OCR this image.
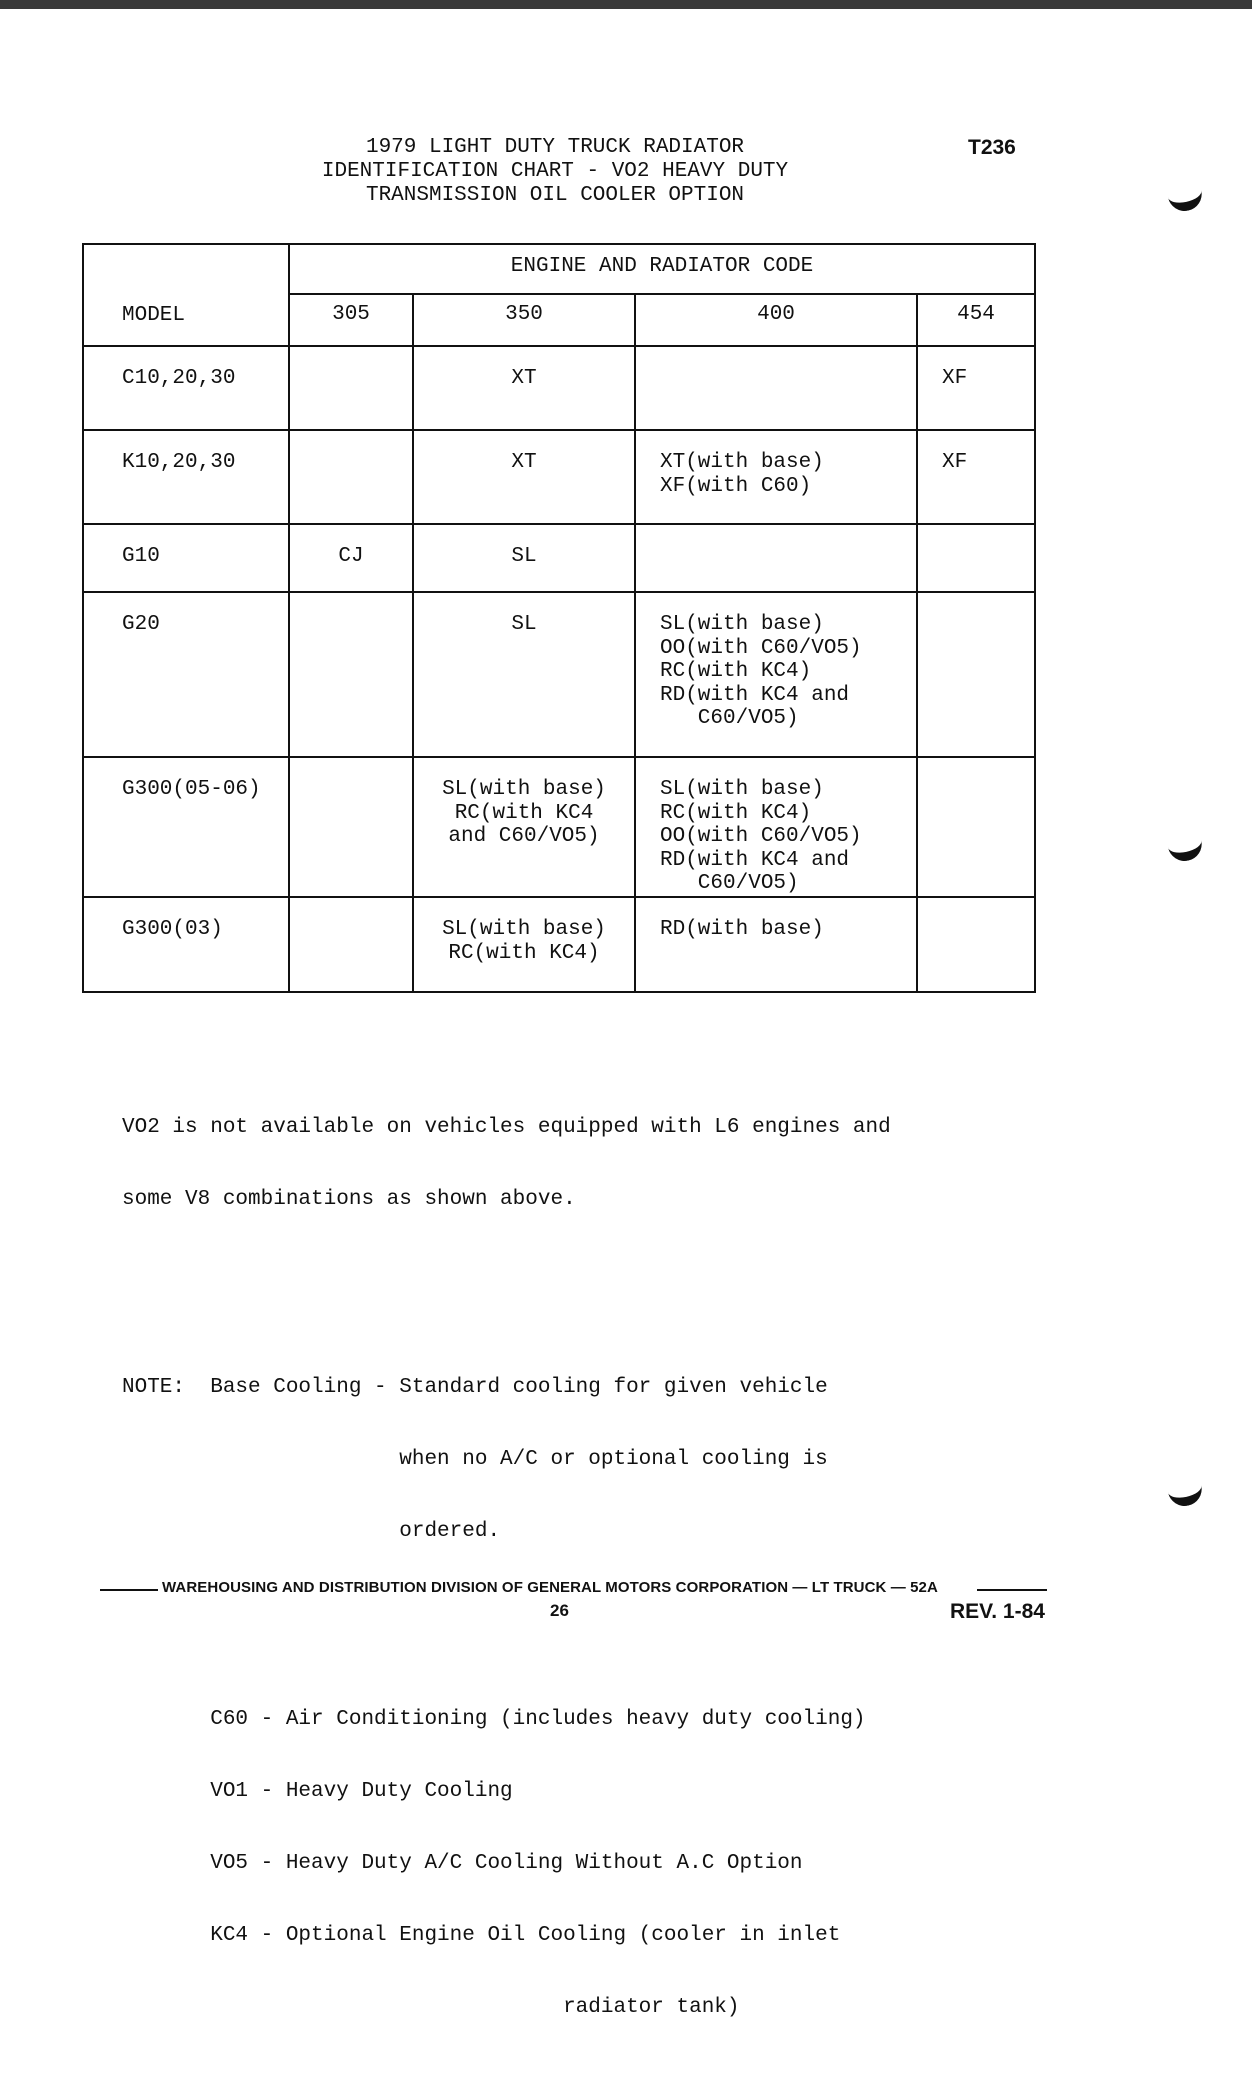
1979 LIGHT DUTY TRUCK RADIATOR
IDENTIFICATION CHART - VO2 HEAVY DUTY
TRANSMISSION OIL COOLER OPTION
T236
MODEL	ENGINE AND RADIATOR CODE			
	305	350	400	454
C10,20,30		XT		XF

K10,20,30		XT	XT(with base)
XF(with C60)	XF

G10	CJ	SL		

G20		SL	SL(with base)
OO(with C60/VO5)
RC(with KC4)
RD(with KC4 and
C60/VO5)	

G300(05-06)		SL(with base)
RC(with KC4
and C60/VO5)	SL(with base)
RC(with KC4)
OO(with C60/VO5)
RD(with KC4 and
C60/VO5)	

G300(03)		SL(with base)
RC(with KC4)	RD(with base)	

VO2 is not available on vehicles equipped with L6 engines and

some V8 combinations as shown above.

NOTE:  Base Cooling - Standard cooling for given vehicle

when no A/C or optional cooling is

ordered.

C60 - Air Conditioning (includes heavy duty cooling)

VO1 - Heavy Duty Cooling

VO5 - Heavy Duty A/C Cooling Without A.C Option

KC4 - Optional Engine Oil Cooling (cooler in inlet

radiator tank)

WAREHOUSING AND DISTRIBUTION DIVISION OF GENERAL MOTORS CORPORATION — LT TRUCK — 52A
26	REV. 1-84
